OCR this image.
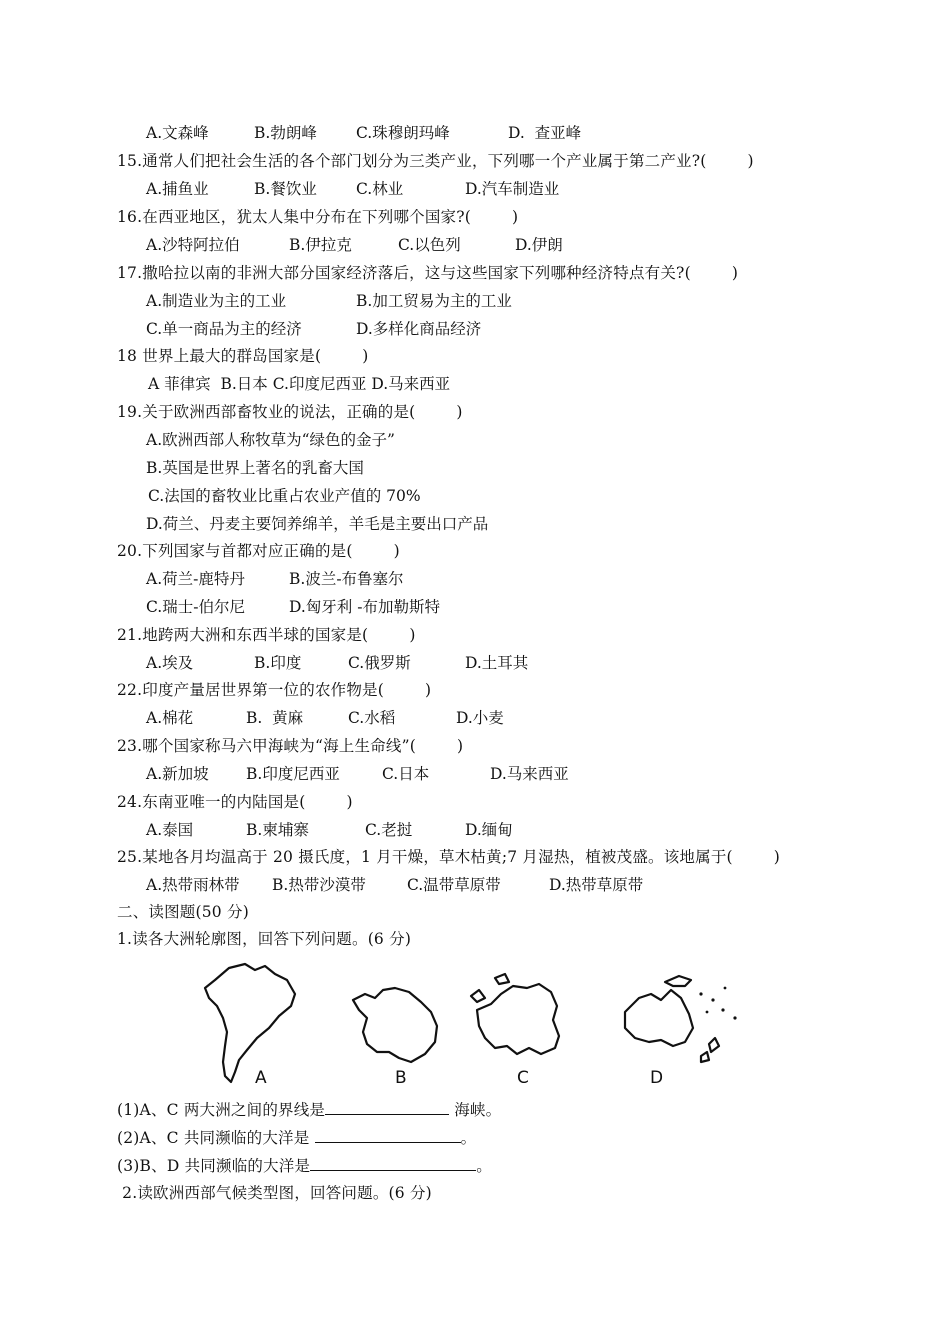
A.文森峰	B.勃朗峰	C.珠穆朗玛峰	D.  查亚峰
15.通常人们把社会生活的各个部门划分为三类产业，下列哪一个产业属于第二产业?(        )
A.捕鱼业	B.餐饮业	C.林业	D.汽车制造业
16.在西亚地区，犹太人集中分布在下列哪个国家?(        )
A.沙特阿拉伯	B.伊拉克	C.以色列	D.伊朗
17.撒哈拉以南的非洲大部分国家经济落后，这与这些国家下列哪种经济特点有关?(        )
A.制造业为主的工业	B.加工贸易为主的工业
C.单一商品为主的经济	D.多样化商品经济
18 世界上最大的群岛国家是(        )
A 菲律宾  B.日本 C.印度尼西亚 D.马来西亚
19.关于欧洲西部畜牧业的说法，正确的是(        )
A.欧洲西部人称牧草为“绿色的金子”
B.英国是世界上著名的乳畜大国
C.法国的畜牧业比重占农业产值的 70%
D.荷兰、丹麦主要饲养绵羊，羊毛是主要出口产品
20.下列国家与首都对应正确的是(        )
A.荷兰-鹿特丹	B.波兰-布鲁塞尔
C.瑞士-伯尔尼	D.匈牙利 -布加勒斯特
21.地跨两大洲和东西半球的国家是(        )
A.埃及	B.印度	C.俄罗斯	D.土耳其
22.印度产量居世界第一位的农作物是(        )
A.棉花	B.  黄麻	C.水稻	D.小麦
23.哪个国家称马六甲海峡为“海上生命线”(        )
A.新加坡 B.印度尼西亚	C.日本	D.马来西亚
24.东南亚唯一的内陆国是(        )
A.泰国	B.柬埔寨	C.老挝	D.缅甸
25.某地各月均温高于 20 摄氏度，1 月干燥，草木枯黄;7 月湿热，植被茂盛。该地属于(        )
A.热带雨林带 B.热带沙漠带	C.温带草原带	D.热带草原带
二、读图题(50 分)
1.读各大洲轮廓图，回答下列问题。(6 分)
A	B	C	D
(1)A、C 两大洲之间的界线是	海峡。
(2)A、C 共同濒临的大洋是	。
(3)B、D 共同濒临的大洋是	。
2.读欧洲西部气候类型图，回答问题。(6 分)
